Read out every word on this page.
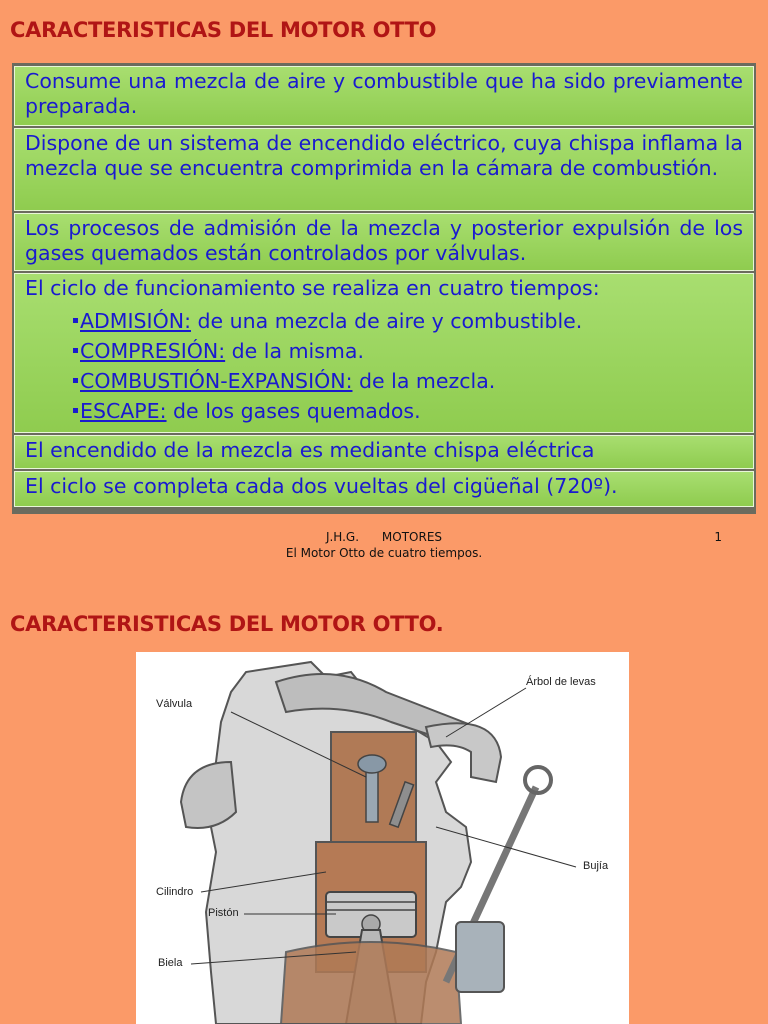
CARACTERISTICAS DEL MOTOR OTTO

Consume una mezcla de aire y combustible que ha sido previamente preparada.

Dispone de un sistema de encendido eléctrico, cuya chispa inflama la mezcla que se encuentra comprimida en la cámara de combustión.

Los procesos de admisión de la mezcla y posterior expulsión de los gases quemados están controlados por válvulas.

El ciclo de funcionamiento se realiza en cuatro tiempos:

ADMISIÓN: de una mezcla de aire y combustible.
COMPRESIÓN: de la misma.
COMBUSTIÓN-EXPANSIÓN: de la mezcla.
ESCAPE: de los gases quemados.

El encendido de la mezcla es mediante chispa eléctrica

El ciclo se completa cada dos vueltas del cigüeñal (720º).

J.H.G. MOTORES
El Motor Otto de cuatro tiempos.
1
CARACTERISTICAS DEL MOTOR OTTO.
Árbol de levas
Válvula
Bujía
Cilindro
Pistón
Biela
